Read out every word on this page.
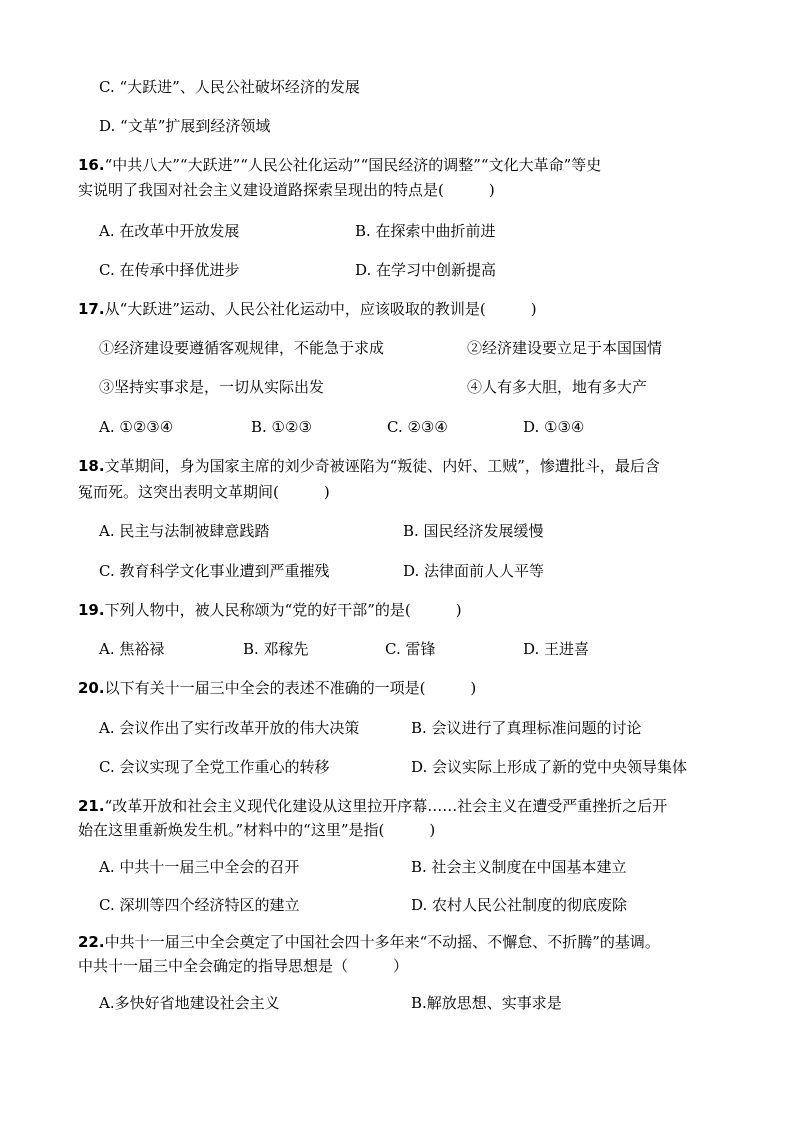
C. “大跃进”、人民公社破坏经济的发展
D. “文革”扩展到经济领域
16.“中共八大”“大跃进”“人民公社化运动”“国民经济的调整”“文化大革命”等史
实说明了我国对社会主义建设道路探索呈现出的特点是(　　　)
A. 在改革中开放发展	B. 在探索中曲折前进
C. 在传承中择优进步	D. 在学习中创新提高
17.从“大跃进”运动、人民公社化运动中，应该吸取的教训是(　　　)
①经济建设要遵循客观规律，不能急于求成	②经济建设要立足于本国国情
③坚持实事求是，一切从实际出发	④人有多大胆，地有多大产
A. ①②③④	B. ①②③	C. ②③④	D. ①③④
18.文革期间，身为国家主席的刘少奇被诬陷为“叛徒、内奸、工贼”，惨遭批斗，最后含
冤而死。这突出表明文革期间(　　　)
A. 民主与法制被肆意践踏	B. 国民经济发展缓慢
C. 教育科学文化事业遭到严重摧残	D. 法律面前人人平等
19.下列人物中，被人民称颂为“党的好干部”的是(　　　)
A. 焦裕禄	B. 邓稼先	C. 雷锋	D. 王进喜
20.以下有关十一届三中全会的表述不准确的一项是(　　　)
A. 会议作出了实行改革开放的伟大决策	B. 会议进行了真理标准问题的讨论
C. 会议实现了全党工作重心的转移	D. 会议实际上形成了新的党中央领导集体
21.“改革开放和社会主义现代化建设从这里拉开序幕……社会主义在遭受严重挫折之后开
始在这里重新焕发生机。”材料中的“这里”是指(　　　)
A. 中共十一届三中全会的召开	B. 社会主义制度在中国基本建立
C. 深圳等四个经济特区的建立	D. 农村人民公社制度的彻底废除
22.中共十一届三中全会奠定了中国社会四十多年来“不动摇、不懈怠、不折腾”的基调。
中共十一届三中全会确定的指导思想是（　　　）
A.多快好省地建设社会主义	B.解放思想、实事求是
